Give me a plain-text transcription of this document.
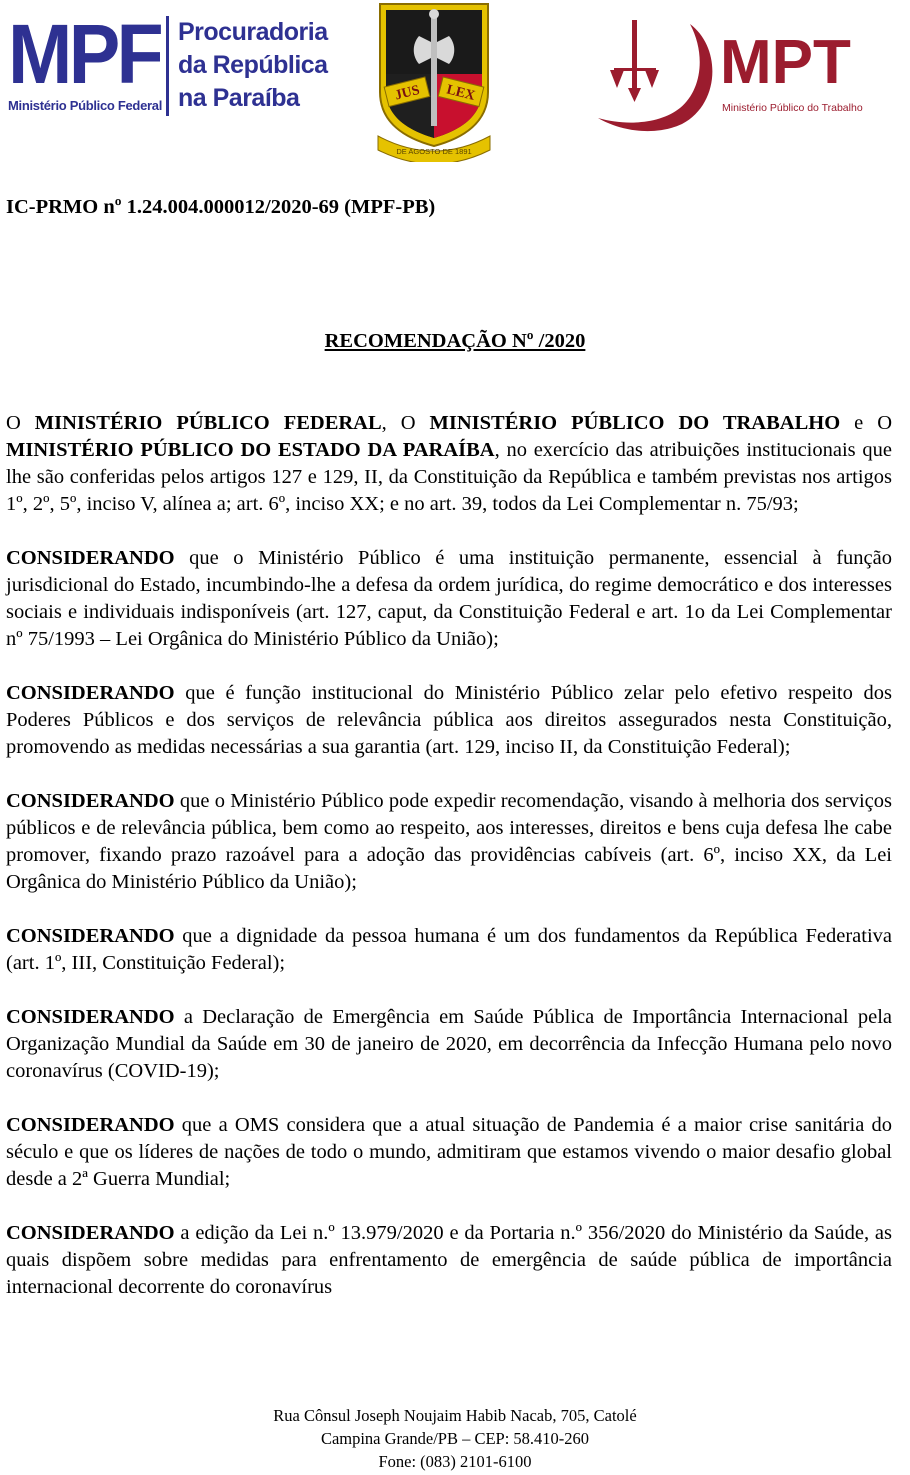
MPF
Ministério Público Federal
Procuradoria
da República
na Paraíba	JUS LEX
DE AGOSTO DE 1891
MPT
Ministério Público do Trabalho
IC-PRMO nº 1.24.004.000012/2020-69 (MPF-PB)
RECOMENDAÇÃO Nº /2020

O MINISTÉRIO PÚBLICO FEDERAL, O MINISTÉRIO PÚBLICO DO TRABALHO e O MINISTÉRIO PÚBLICO DO ESTADO DA PARAÍBA, no exercício das atribuições institucionais que lhe são conferidas pelos artigos 127 e 129, II, da Constituição da República e também previstas nos artigos 1º, 2º, 5º, inciso V, alínea a; art. 6º, inciso XX; e no art. 39, todos da Lei Complementar n. 75/93;

CONSIDERANDO que o Ministério Público é uma instituição permanente, essencial à função jurisdicional do Estado, incumbindo-lhe a defesa da ordem jurídica, do regime democrático e dos interesses sociais e individuais indisponíveis (art. 127, caput, da Constituição Federal e art. 1o da Lei Complementar nº 75/1993 – Lei Orgânica do Ministério Público da União);

CONSIDERANDO que é função institucional do Ministério Público zelar pelo efetivo respeito dos Poderes Públicos e dos serviços de relevância pública aos direitos assegurados nesta Constituição, promovendo as medidas necessárias a sua garantia (art. 129, inciso II, da Constituição Federal);

CONSIDERANDO que o Ministério Público pode expedir recomendação, visando à melhoria dos serviços públicos e de relevância pública, bem como ao respeito, aos interesses, direitos e bens cuja defesa lhe cabe promover, fixando prazo razoável para a adoção das providências cabíveis (art. 6º, inciso XX, da Lei Orgânica do Ministério Público da União);

CONSIDERANDO que a dignidade da pessoa humana é um dos fundamentos da República Federativa (art. 1º, III, Constituição Federal);

CONSIDERANDO a Declaração de Emergência em Saúde Pública de Importância Internacional pela Organização Mundial da Saúde em 30 de janeiro de 2020, em decorrência da Infecção Humana pelo novo coronavírus (COVID-19);

CONSIDERANDO que a OMS considera que a atual situação de Pandemia é a maior crise sanitária do século e que os líderes de nações de todo o mundo, admitiram que estamos vivendo o maior desafio global desde a 2ª Guerra Mundial;

CONSIDERANDO a edição da Lei n.º 13.979/2020 e da Portaria n.º 356/2020 do Ministério da Saúde, as quais dispõem sobre medidas para enfrentamento de emergência de saúde pública de importância internacional decorrente do coronavírus

Rua Cônsul Joseph Noujaim Habib Nacab, 705, Catolé
Campina Grande/PB – CEP: 58.410-260
Fone: (083) 2101-6100
